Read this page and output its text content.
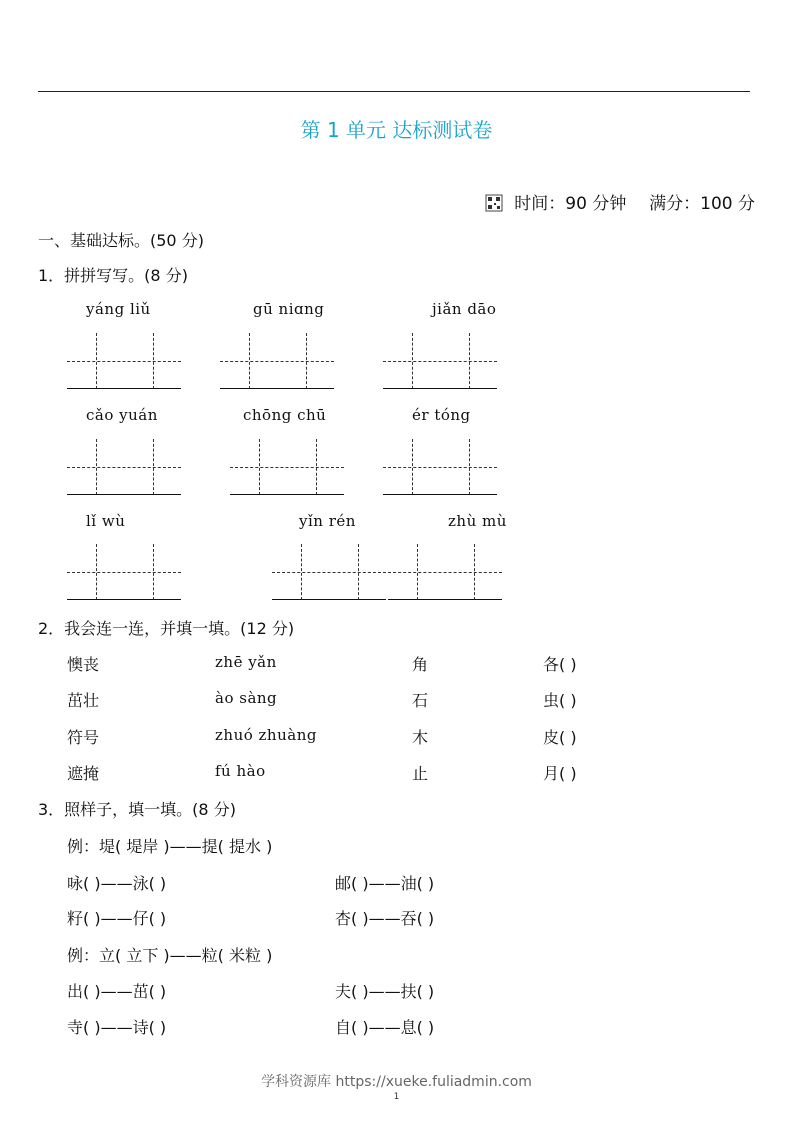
第 1 单元 达标测试卷
时间：90 分钟 满分：100 分
一、基础达标。(50 分)
1．拼拼写写。(8 分)
yáng liǔ	gū niɑng	jiǎn dāo
cǎo yuán	chōng chū	ér tóng
lǐ wù	yǐn rén	zhù mù
2．我会连一连，并填一填。(12 分)
懊丧	zhē yǎn	角	各( )
茁壮	ào sàng	石	虫( )
符号	zhuó zhuàng	木	皮( )
遮掩	fú hào	止	月( )
3．照样子，填一填。(8 分)
例：堤( 堤岸 )——提( 提水 )
咏( )——泳( )	邮( )——油( )
籽( )——仔( )	杏( )——吞( )
例：立( 立下 )——粒( 米粒 )
出( )——茁( )	夫( )——扶( )
寺( )——诗( )	自( )——息( )
学科资源库 https://xueke.fuliadmin.com
1
